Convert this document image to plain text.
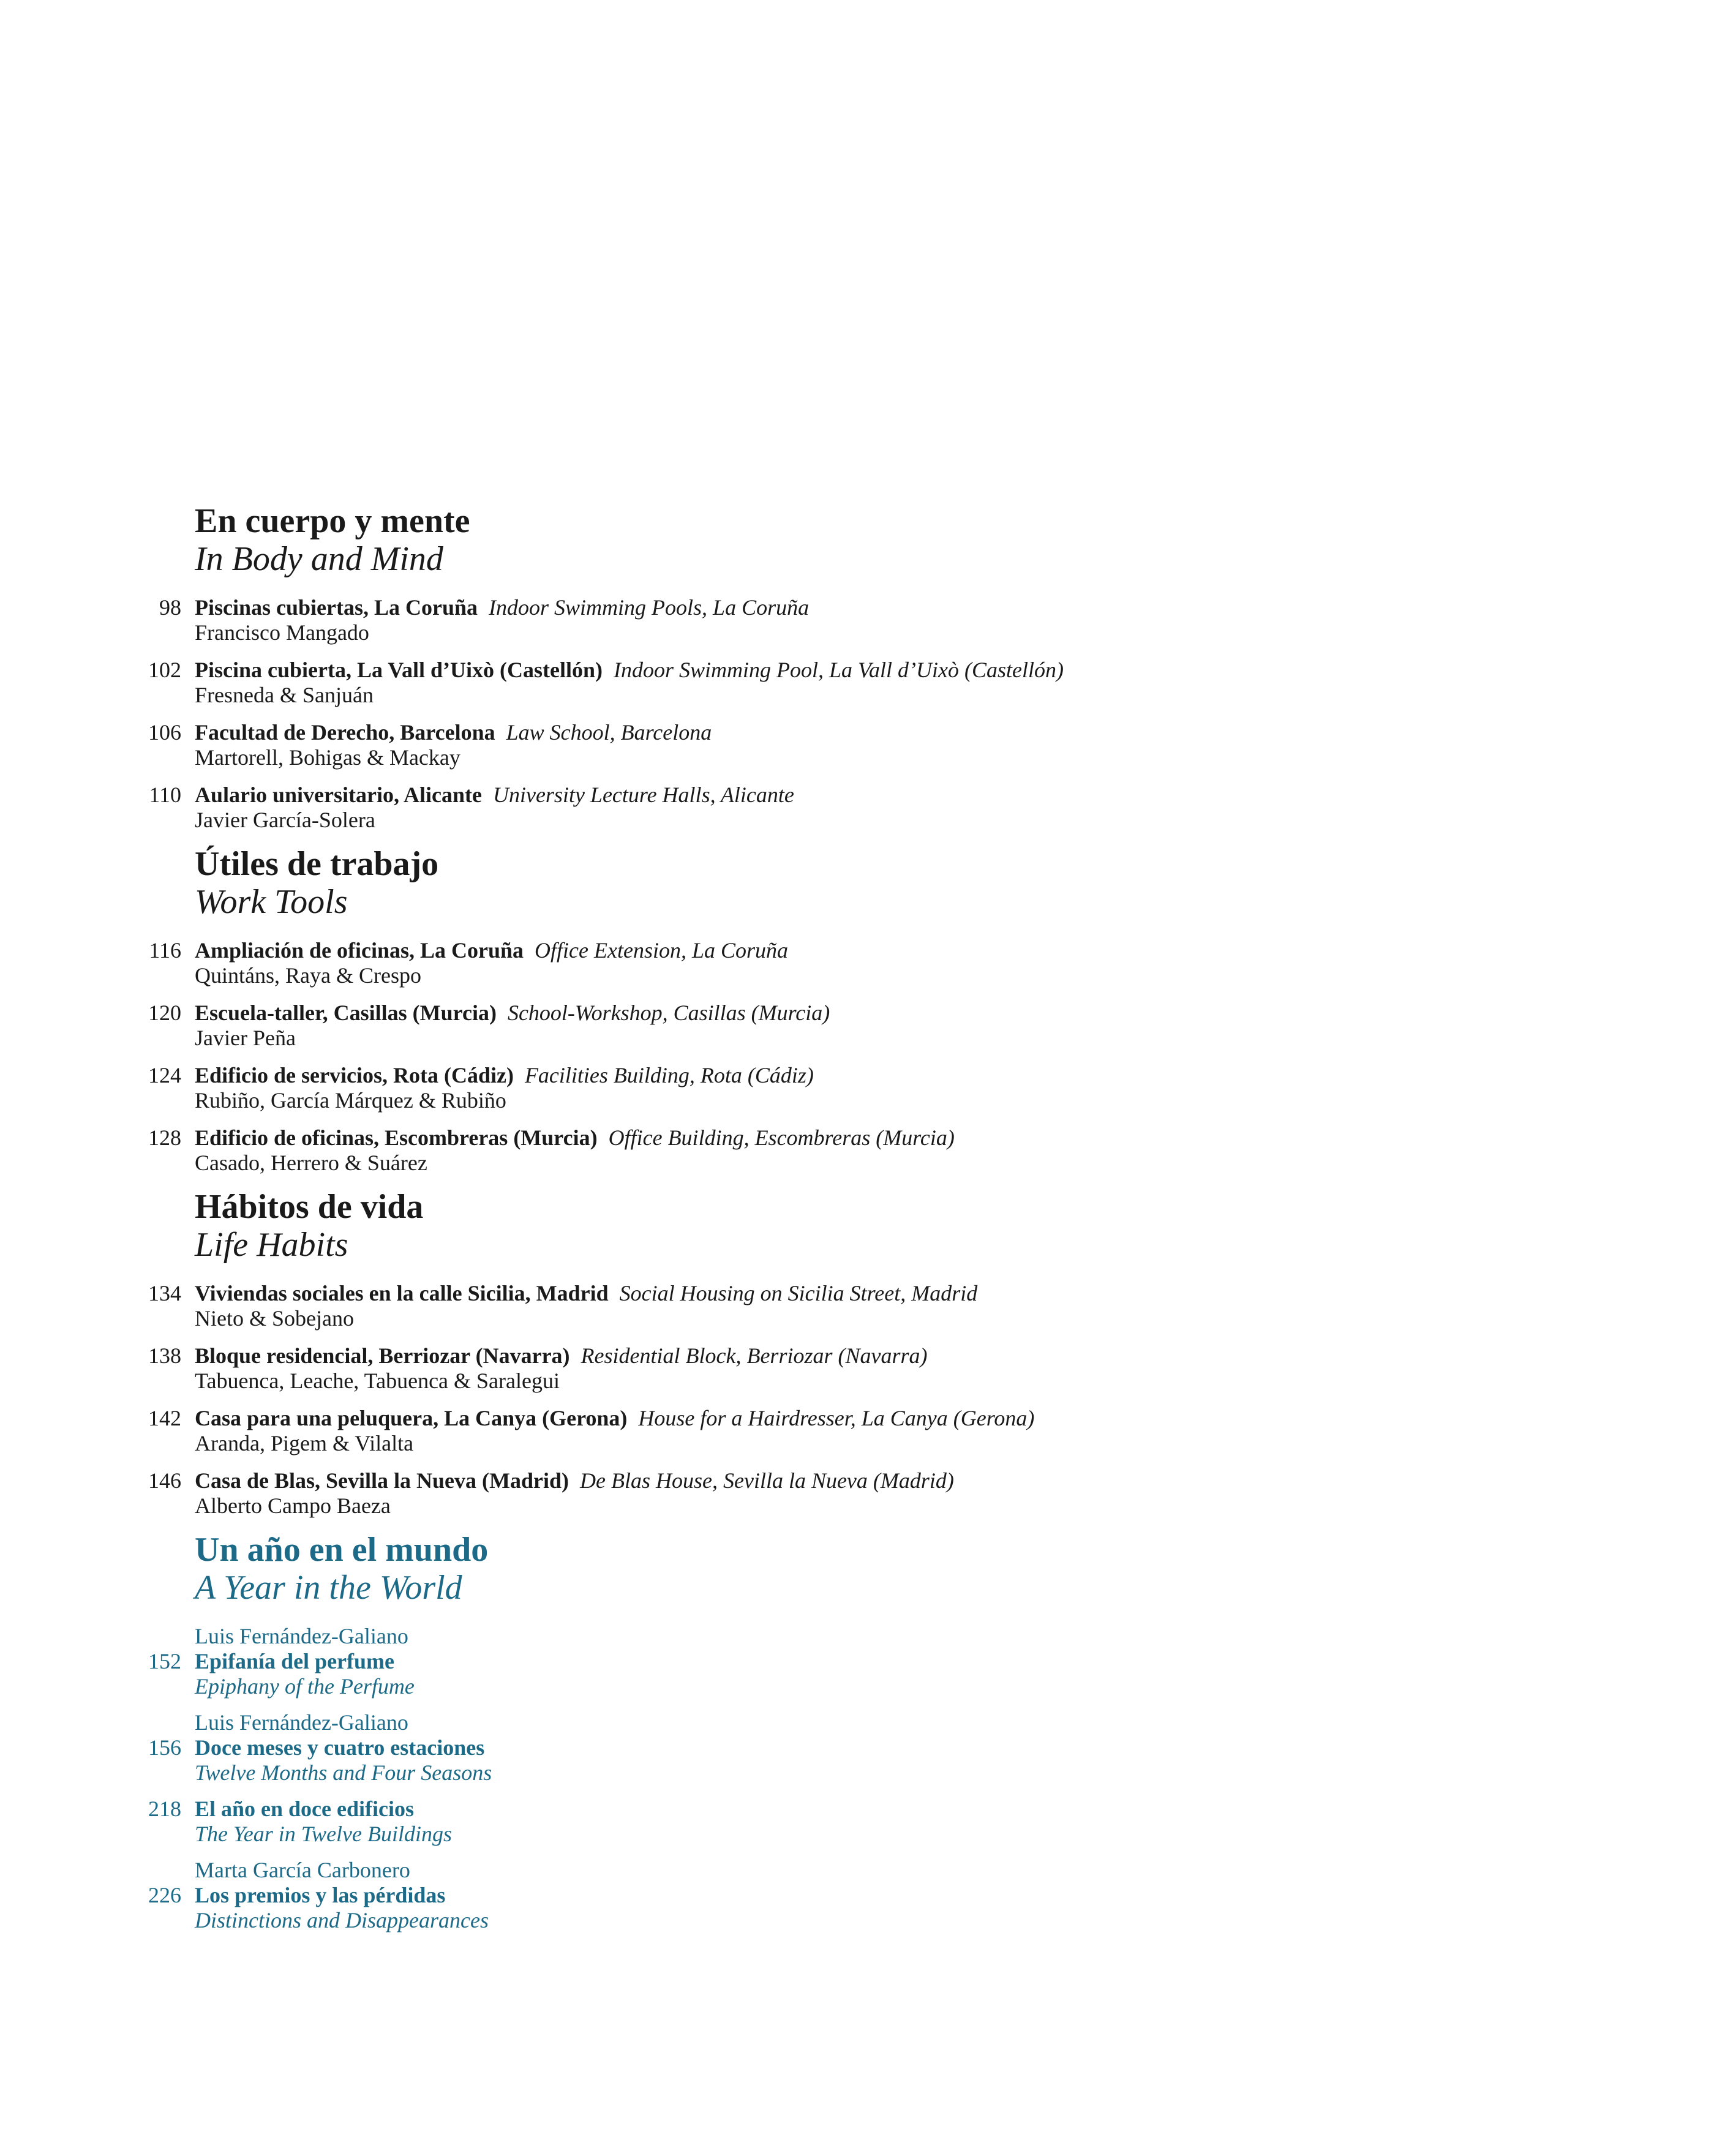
En cuerpo y mente
In Body and Mind
98 Piscinas cubiertas, La Coruña Indoor Swimming Pools, La Coruña
Francisco Mangado
102 Piscina cubierta, La Vall d’Uixò (Castellón) Indoor Swimming Pool, La Vall d’Uixò (Castellón)
Fresneda & Sanjuán
106 Facultad de Derecho, Barcelona Law School, Barcelona
Martorell, Bohigas & Mackay
110 Aulario universitario, Alicante University Lecture Halls, Alicante
Javier García-Solera
Útiles de trabajo
Work Tools
116 Ampliación de oficinas, La Coruña Office Extension, La Coruña
Quintáns, Raya & Crespo
120 Escuela-taller, Casillas (Murcia) School-Workshop, Casillas (Murcia)
Javier Peña
124 Edificio de servicios, Rota (Cádiz) Facilities Building, Rota (Cádiz)
Rubiño, García Márquez & Rubiño
128 Edificio de oficinas, Escombreras (Murcia) Office Building, Escombreras (Murcia)
Casado, Herrero & Suárez
Hábitos de vida
Life Habits
134 Viviendas sociales en la calle Sicilia, Madrid Social Housing on Sicilia Street, Madrid
Nieto & Sobejano
138 Bloque residencial, Berriozar (Navarra) Residential Block, Berriozar (Navarra)
Tabuenca, Leache, Tabuenca & Saralegui
142 Casa para una peluquera, La Canya (Gerona) House for a Hairdresser, La Canya (Gerona)
Aranda, Pigem & Vilalta
146 Casa de Blas, Sevilla la Nueva (Madrid) De Blas House, Sevilla la Nueva (Madrid)
Alberto Campo Baeza
Un año en el mundo
A Year in the World
152
Luis Fernández-Galiano
Epifanía del perfume
Epiphany of the Perfume
156
Luis Fernández-Galiano
Doce meses y cuatro estaciones
Twelve Months and Four Seasons
218 El año en doce edificios
The Year in Twelve Buildings
226
Marta García Carbonero
Los premios y las pérdidas
Distinctions and Disappearances
